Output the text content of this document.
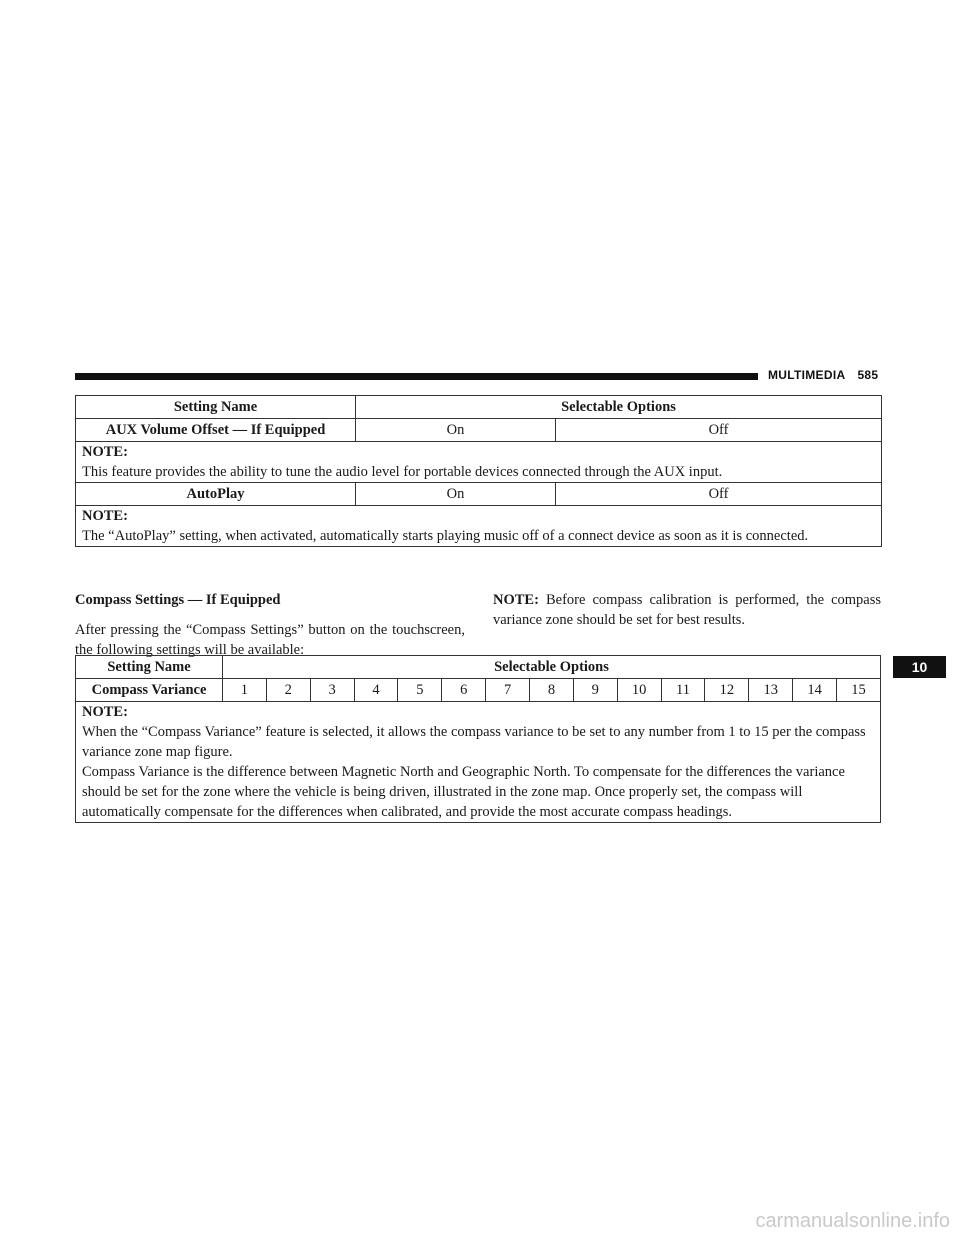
MULTIMEDIA 585
Setting Name	Selectable Options	
AUX Volume Offset — If Equipped	On	Off

NOTE:
This feature provides the ability to tune the audio level for portable devices connected through the AUX input.		
AutoPlay	On	Off

NOTE:
The “AutoPlay” setting, when activated, automatically starts playing music off of a connect device as soon as it is connected.		
Compass Settings — If Equipped

After pressing the “Compass Settings” button on the touchscreen, the following settings will be available:

NOTE: Before compass calibration is performed, the compass variance zone should be set for best results.

Setting Name	Selectable Options														
Compass Variance	1	2	3	4	5	6	7	8	9	10	11	12	13	14	15

NOTE:
When the “Compass Variance” feature is selected, it allows the compass variance to be set to any number from 1 to 15 per the compass variance zone map figure.
Compass Variance is the difference between Magnetic North and Geographic North. To compensate for the differences the variance should be set for the zone where the vehicle is being driven, illustrated in the zone map. Once properly set, the compass will automatically compensate for the differences when calibrated, and provide the most accurate compass headings.															
10
carmanualsonline.info
